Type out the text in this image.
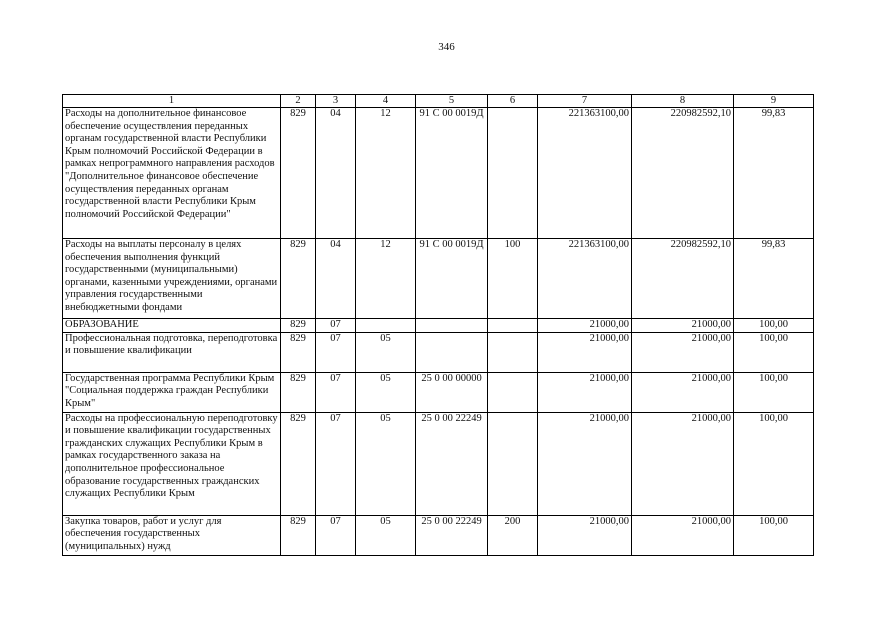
346
1	2	3	4	5	6	7	8	9
Расходы на дополнительное финансовое обеспечение осуществления переданных органам государственной власти Республики Крым полномочий Российской Федерации в рамках непрограммного направления расходов "Дополнительное финансовое обеспечение осуществления переданных органам государственной власти Республики Крым полномочий Российской Федерации"	829	04	12	91 С 00 0019Д		221363100,00	220982592,10	99,83
Расходы на выплаты персоналу в целях обеспечения выполнения функций государственными (муниципальными) органами, казенными учреждениями, органами управления государственными внебюджетными фондами	829	04	12	91 С 00 0019Д	100	221363100,00	220982592,10	99,83
ОБРАЗОВАНИЕ	829	07				21000,00	21000,00	100,00
Профессиональная подготовка, переподготовка и повышение квалификации	829	07	05			21000,00	21000,00	100,00
Государственная программа Республики Крым "Социальная поддержка граждан Республики Крым"	829	07	05	25 0 00 00000		21000,00	21000,00	100,00
Расходы на профессиональную переподготовку и повышение квалификации государственных гражданских служащих Республики Крым в рамках государственного заказа на дополнительное профессиональное образование государственных гражданских служащих Республики Крым	829	07	05	25 0 00 22249		21000,00	21000,00	100,00
Закупка товаров, работ и услуг для обеспечения государственных (муниципальных) нужд	829	07	05	25 0 00 22249	200	21000,00	21000,00	100,00
